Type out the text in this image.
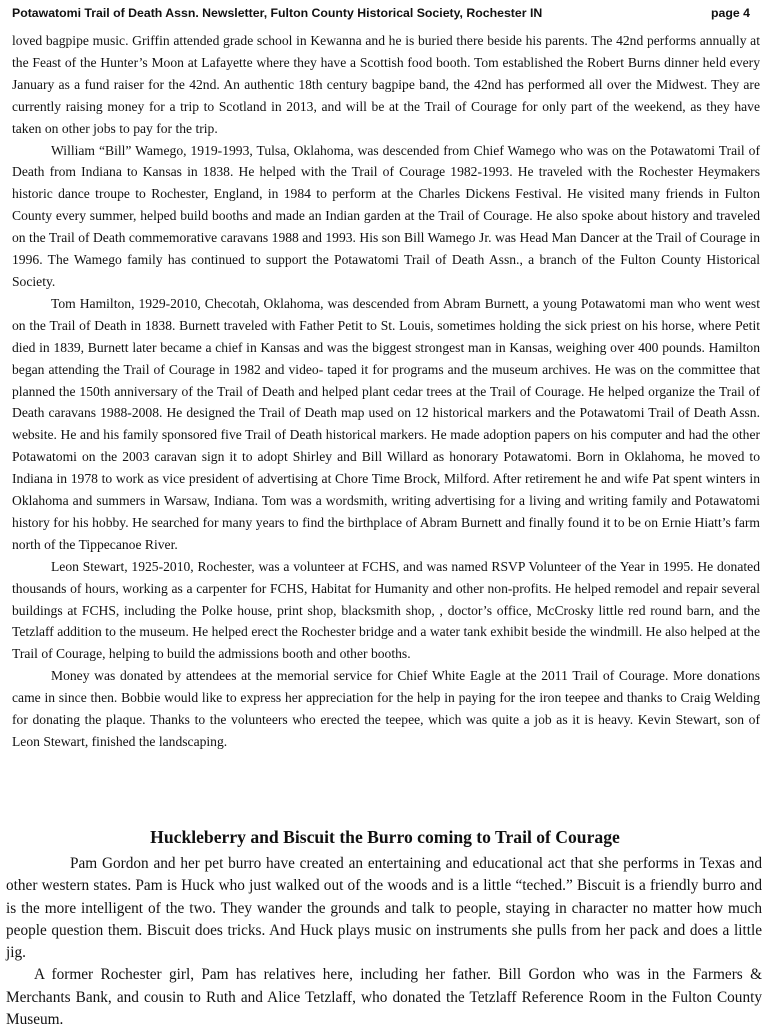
Potawatomi Trail of Death Assn. Newsletter, Fulton County Historical Society, Rochester IN	page 4

loved bagpipe music. Griffin attended grade school in Kewanna and he is buried there beside his parents. The 42nd performs annually at the Feast of the Hunter’s Moon at Lafayette where they have a Scottish food booth. Tom established the Robert Burns dinner held every January as a fund raiser for the 42nd. An authentic 18th century bagpipe band, the 42nd has performed all over the Midwest. They are currently raising money for a trip to Scotland in 2013, and will be at the Trail of Courage for only part of the weekend, as they have taken on other jobs to pay for the trip.

William “Bill” Wamego, 1919-1993, Tulsa, Oklahoma, was descended from Chief Wamego who was on the Potawatomi Trail of Death from Indiana to Kansas in 1838. He helped with the Trail of Courage 1982-1993. He traveled with the Rochester Heymakers historic dance troupe to Rochester, England, in 1984 to perform at the Charles Dickens Festival. He visited many friends in Fulton County every summer, helped build booths and made an Indian garden at the Trail of Courage. He also spoke about history and traveled on the Trail of Death commemorative caravans 1988 and 1993. His son Bill Wamego Jr. was Head Man Dancer at the Trail of Courage in 1996. The Wamego family has continued to support the Potawatomi Trail of Death Assn., a branch of the Fulton County Historical Society.

Tom Hamilton, 1929-2010, Checotah, Oklahoma, was descended from Abram Burnett, a young Potawatomi man who went west on the Trail of Death in 1838. Burnett traveled with Father Petit to St. Louis, sometimes holding the sick priest on his horse, where Petit died in 1839, Burnett later became a chief in Kansas and was the biggest strongest man in Kansas, weighing over 400 pounds. Hamilton began attending the Trail of Courage in 1982 and video- taped it for programs and the museum archives. He was on the committee that planned the 150th anniversary of the Trail of Death and helped plant cedar trees at the Trail of Courage. He helped organize the Trail of Death caravans 1988-2008. He designed the Trail of Death map used on 12 historical markers and the Potawatomi Trail of Death Assn. website. He and his family sponsored five Trail of Death historical markers. He made adoption papers on his computer and had the other Potawatomi on the 2003 caravan sign it to adopt Shirley and Bill Willard as honorary Potawatomi. Born in Oklahoma, he moved to Indiana in 1978 to work as vice president of advertising at Chore Time Brock, Milford. After retirement he and wife Pat spent winters in Oklahoma and summers in Warsaw, Indiana. Tom was a wordsmith, writing advertising for a living and writing family and Potawatomi history for his hobby. He searched for many years to find the birthplace of Abram Burnett and finally found it to be on Ernie Hiatt’s farm north of the Tippecanoe River.

Leon Stewart, 1925-2010, Rochester, was a volunteer at FCHS, and was named RSVP Volunteer of the Year in 1995. He donated thousands of hours, working as a carpenter for FCHS, Habitat for Humanity and other non-profits. He helped remodel and repair several buildings at FCHS, including the Polke house, print shop, blacksmith shop, , doctor’s office, McCrosky little red round barn, and the Tetzlaff addition to the museum. He helped erect the Rochester bridge and a water tank exhibit beside the windmill. He also helped at the Trail of Courage, helping to build the admissions booth and other booths.

Money was donated by attendees at the memorial service for Chief White Eagle at the 2011 Trail of Courage. More donations came in since then. Bobbie would like to express her appreciation for the help in paying for the iron teepee and thanks to Craig Welding for donating the plaque. Thanks to the volunteers who erected the teepee, which was quite a job as it is heavy. Kevin Stewart, son of Leon Stewart, finished the landscaping.

Huckleberry and Biscuit the Burro coming to Trail of Courage

Pam Gordon and her pet burro have created an entertaining and educational act that she performs in Texas and other western states. Pam is Huck who just walked out of the woods and is a little “teched.” Biscuit is a friendly burro and is the more intelligent of the two. They wander the grounds and talk to people, staying in character no matter how much people question them. Biscuit does tricks. And Huck plays music on instruments she pulls from her pack and does a little jig.

A former Rochester girl, Pam has relatives here, including her father. Bill Gordon who was in the Farmers & Merchants Bank, and cousin to Ruth and Alice Tetzlaff, who donated the Tetzlaff Reference Room in the Fulton County Museum.
